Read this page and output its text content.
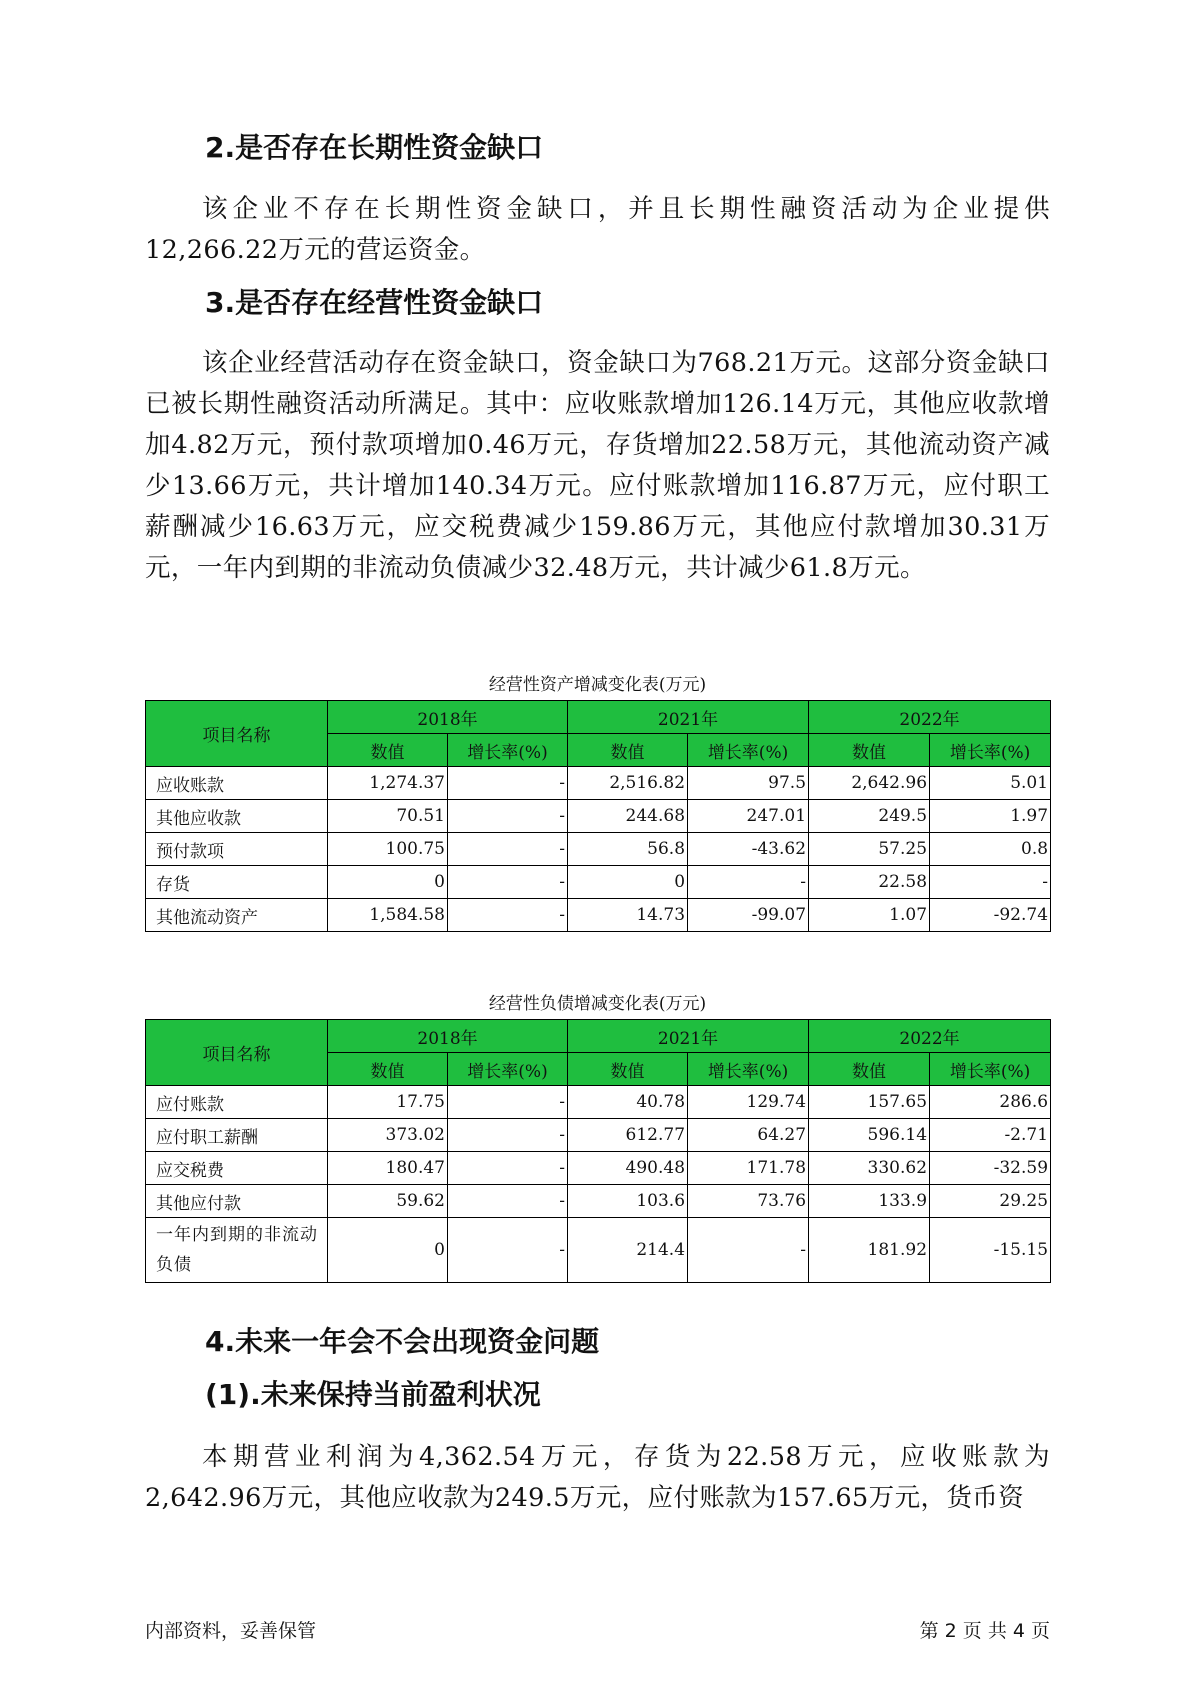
2.是否存在长期性资金缺口
该企业不存在长期性资金缺口，并且长期性融资活动为企业提供12,266.22万元的营运资金。
3.是否存在经营性资金缺口
该企业经营活动存在资金缺口，资金缺口为768.21万元。这部分资金缺口已被长期性融资活动所满足。其中：应收账款增加126.14万元，其他应收款增加4.82万元，预付款项增加0.46万元，存货增加22.58万元，其他流动资产减少13.66万元，共计增加140.34万元。应付账款增加116.87万元，应付职工薪酬减少16.63万元，应交税费减少159.86万元，其他应付款增加30.31万元，一年内到期的非流动负债减少32.48万元，共计减少61.8万元。
经营性资产增减变化表(万元)
项目名称	2018年		2021年		2022年	
	数值	增长率(%)	数值	增长率(%)	数值	增长率(%)
应收账款	1,274.37	-	2,516.82	97.5	2,642.96	5.01
其他应收款	70.51	-	244.68	247.01	249.5	1.97
预付款项	100.75	-	56.8	-43.62	57.25	0.8
存货	0	-	0	-	22.58	-
其他流动资产	1,584.58	-	14.73	-99.07	1.07	-92.74
经营性负债增减变化表(万元)
项目名称	2018年		2021年		2022年	
	数值	增长率(%)	数值	增长率(%)	数值	增长率(%)
应付账款	17.75	-	40.78	129.74	157.65	286.6
应付职工薪酬	373.02	-	612.77	64.27	596.14	-2.71
应交税费	180.47	-	490.48	171.78	330.62	-32.59
其他应付款	59.62	-	103.6	73.76	133.9	29.25
一年内到期的非流动负债	0	-	214.4	-	181.92	-15.15
4.未来一年会不会出现资金问题
(1).未来保持当前盈利状况
本期营业利润为4,362.54万元，存货为22.58万元，应收账款为2,642.96万元，其他应收款为249.5万元，应付账款为157.65万元，货币资
内部资料，妥善保管	第 2 页 共 4 页
